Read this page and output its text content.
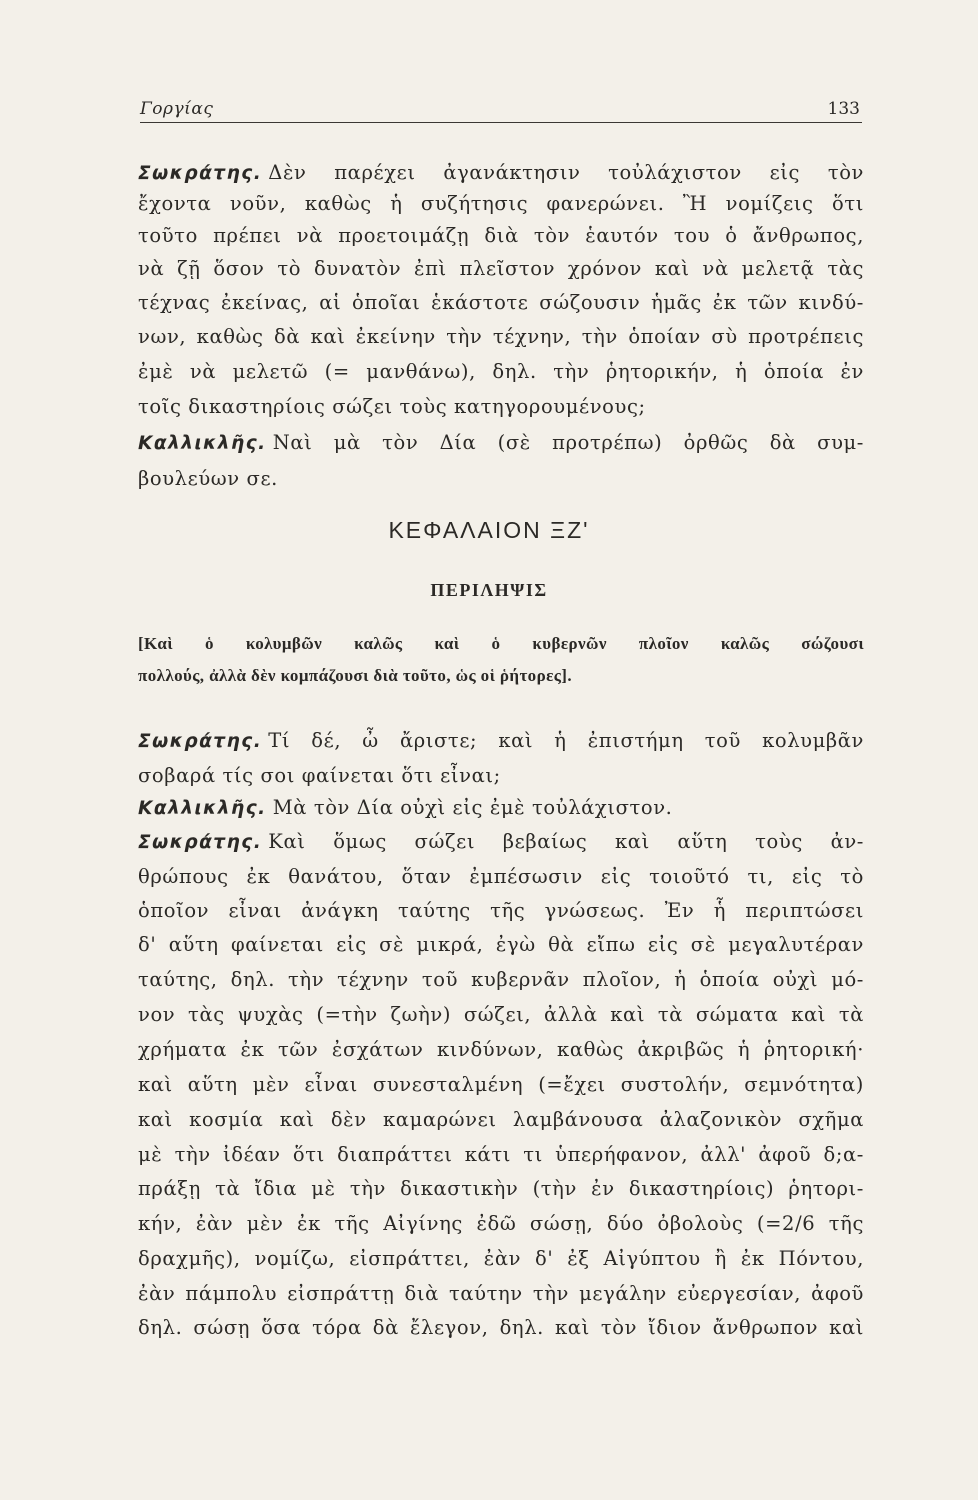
Γοργίας	133
Σωκράτης. Δὲν παρέχει ἀγανάκτησιν τοὐλάχιστον εἰς τὸν
ἔχοντα νοῦν, καθὼς ἡ συζήτησις φανερώνει. Ἢ νομίζεις ὅτι
τοῦτο πρέπει νὰ προετοιμάζῃ διὰ τὸν ἑαυτόν του ὁ ἄνθρωπος,
νὰ ζῇ ὅσον τὸ δυνατὸν ἐπὶ πλεῖστον χρόνον καὶ νὰ μελετᾷ τὰς
τέχνας ἐκείνας, αἱ ὁποῖαι ἑκάστοτε σώζουσιν ἡμᾶς ἐκ τῶν κινδύ-
νων, καθὼς δὰ καὶ ἐκείνην τὴν τέχνην, τὴν ὁποίαν σὺ προτρέπεις
ἐμὲ νὰ μελετῶ (= μανθάνω), δηλ. τὴν ῥητορικήν, ἡ ὁποία ἐν
τοῖς δικαστηρίοις σώζει τοὺς κατηγορουμένους;
Καλλικλῆς. Ναὶ μὰ τὸν Δία (σὲ προτρέπω) ὀρθῶς δὰ συμ-
βουλεύων σε.
ΚΕΦΑΛΑΙΟΝ ΞΖ'
ΠΕΡΙΛΗΨΙΣ
[Καὶ ὁ κολυμβῶν καλῶς καὶ ὁ κυβερνῶν πλοῖον καλῶς σώζουσι
πολλούς, ἀλλὰ δὲν κομπάζουσι διὰ τοῦτο, ὡς οἱ ῥήτορες].
Σωκράτης. Τί δέ, ὦ ἄριστε; καὶ ἡ ἐπιστήμη τοῦ κολυμβᾶν
σοβαρά τίς σοι φαίνεται ὅτι εἶναι;
Καλλικλῆς. Μὰ τὸν Δία οὐχὶ εἰς ἐμὲ τοὐλάχιστον.
Σωκράτης. Καὶ ὅμως σώζει βεβαίως καὶ αὕτη τοὺς ἀν-
θρώπους ἐκ θανάτου, ὅταν ἐμπέσωσιν εἰς τοιοῦτό τι, εἰς τὸ
ὁποῖον εἶναι ἀνάγκη ταύτης τῆς γνώσεως. Ἐν ἧ περιπτώσει
δ' αὕτη φαίνεται εἰς σὲ μικρά, ἐγὼ θὰ εἴπω εἰς σὲ μεγαλυτέραν
ταύτης, δηλ. τὴν τέχνην τοῦ κυβερνᾶν πλοῖον, ἡ ὁποία οὐχὶ μό-
νον τὰς ψυχὰς (=τὴν ζωὴν) σώζει, ἀλλὰ καὶ τὰ σώματα καὶ τὰ
χρήματα ἐκ τῶν ἐσχάτων κινδύνων, καθὼς ἀκριβῶς ἡ ῥητορική·
καὶ αὕτη μὲν εἶναι συνεσταλμένη (=ἔχει συστολήν, σεμνότητα)
καὶ κοσμία καὶ δὲν καμαρώνει λαμβάνουσα ἀλαζονικὸν σχῆμα
μὲ τὴν ἰδέαν ὅτι διαπράττει κάτι τι ὑπερήφανον, ἀλλ' ἀφοῦ δ;α-
πράξῃ τὰ ἴδια μὲ τὴν δικαστικὴν (τὴν ἐν δικαστηρίοις) ῥητορι-
κήν, ἐὰν μὲν ἐκ τῆς Αἰγίνης ἐδῶ σώσῃ, δύο ὀβολοὺς (=2/6 τῆς
δραχμῆς), νομίζω, εἰσπράττει, ἐὰν δ' ἐξ Αἰγύπτου ἢ ἐκ Πόντου,
ἐὰν πάμπολυ εἰσπράττῃ διὰ ταύτην τὴν μεγάλην εὐεργεσίαν, ἀφοῦ
δηλ. σώσῃ ὅσα τόρα δὰ ἔλεγον, δηλ. καὶ τὸν ἴδιον ἄνθρωπον καὶ
